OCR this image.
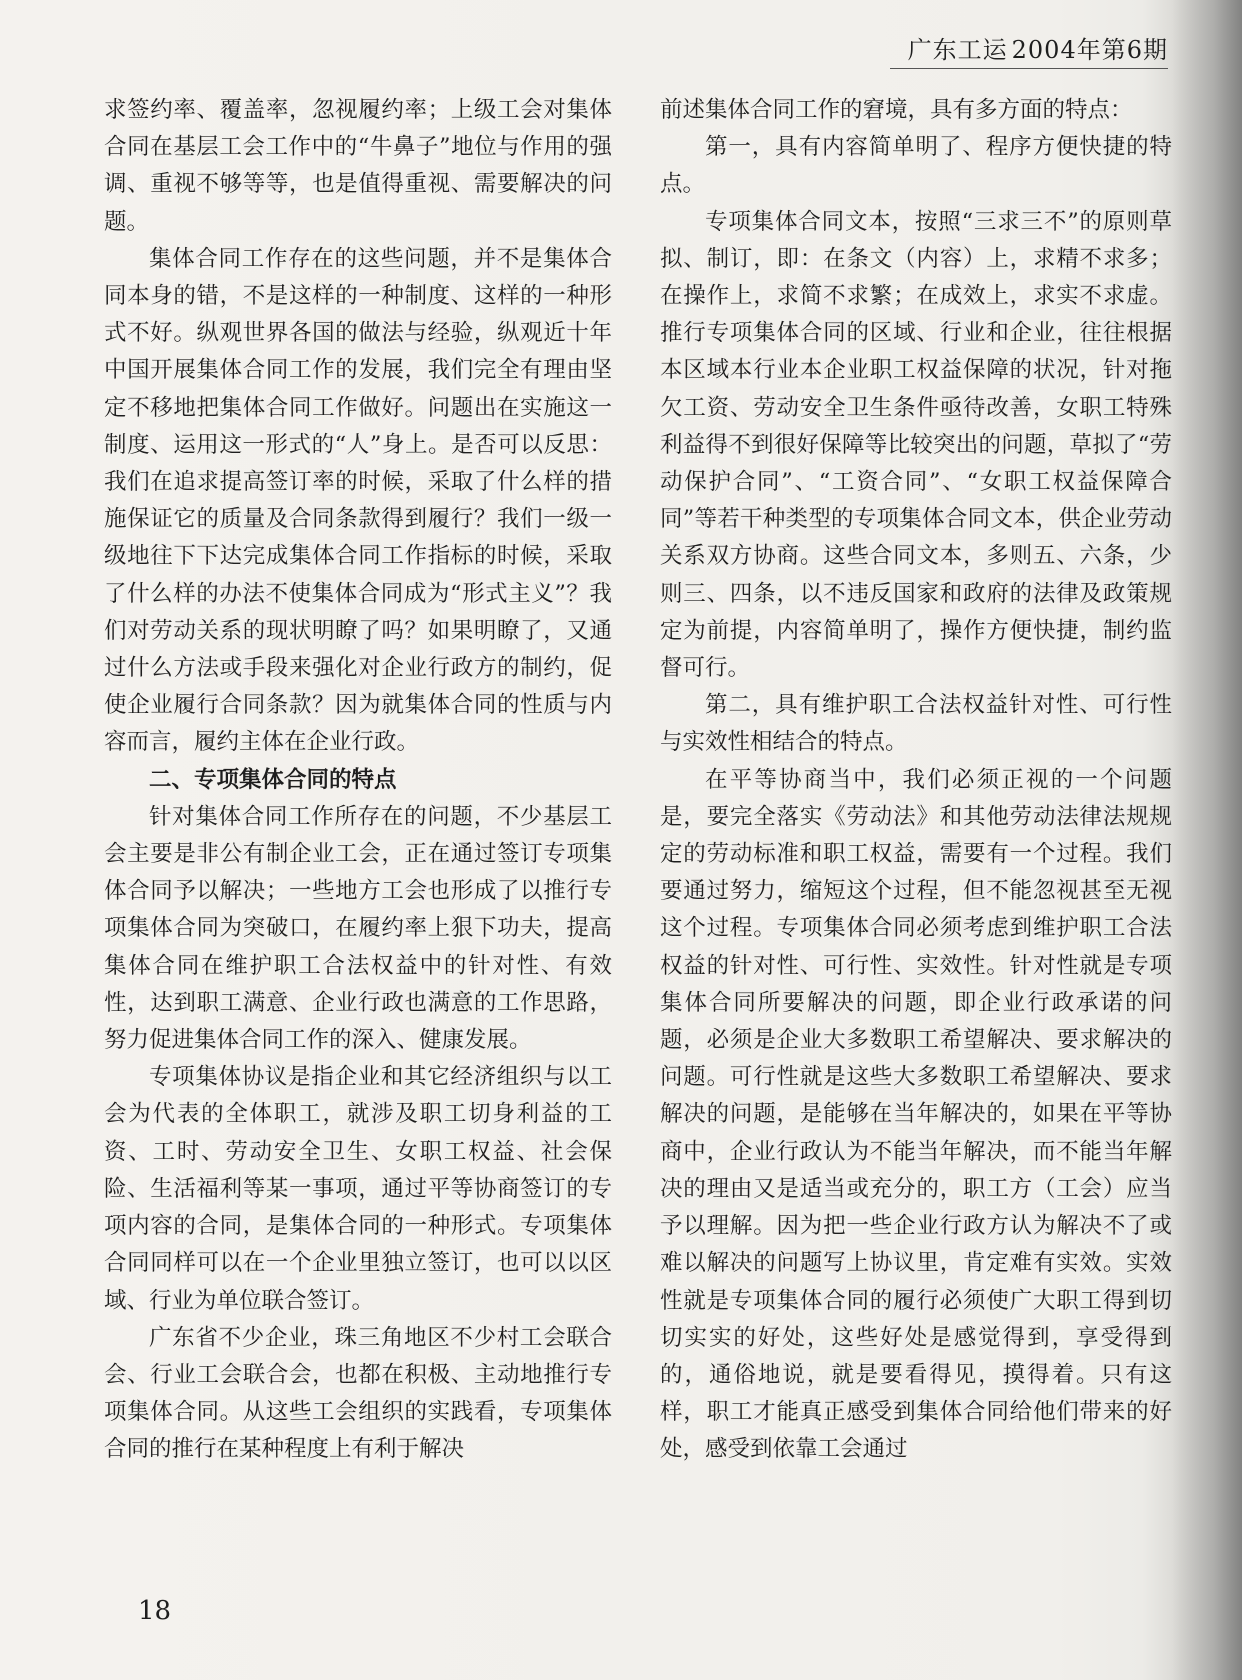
广东工运 2004年第6期

求签约率、覆盖率，忽视履约率；上级工会对集体合同在基层工会工作中的“牛鼻子”地位与作用的强调、重视不够等等，也是值得重视、需要解决的问题。

集体合同工作存在的这些问题，并不是集体合同本身的错，不是这样的一种制度、这样的一种形式不好。纵观世界各国的做法与经验，纵观近十年中国开展集体合同工作的发展，我们完全有理由坚定不移地把集体合同工作做好。问题出在实施这一制度、运用这一形式的“人”身上。是否可以反思：我们在追求提高签订率的时候，采取了什么样的措施保证它的质量及合同条款得到履行？我们一级一级地往下下达完成集体合同工作指标的时候，采取了什么样的办法不使集体合同成为“形式主义”？我们对劳动关系的现状明瞭了吗？如果明瞭了，又通过什么方法或手段来强化对企业行政方的制约，促使企业履行合同条款？因为就集体合同的性质与内容而言，履约主体在企业行政。

二、专项集体合同的特点

针对集体合同工作所存在的问题，不少基层工会主要是非公有制企业工会，正在通过签订专项集体合同予以解决；一些地方工会也形成了以推行专项集体合同为突破口，在履约率上狠下功夫，提高集体合同在维护职工合法权益中的针对性、有效性，达到职工满意、企业行政也满意的工作思路，努力促进集体合同工作的深入、健康发展。

专项集体协议是指企业和其它经济组织与以工会为代表的全体职工，就涉及职工切身利益的工资、工时、劳动安全卫生、女职工权益、社会保险、生活福利等某一事项，通过平等协商签订的专项内容的合同，是集体合同的一种形式。专项集体合同同样可以在一个企业里独立签订，也可以以区域、行业为单位联合签订。

广东省不少企业，珠三角地区不少村工会联合会、行业工会联合会，也都在积极、主动地推行专项集体合同。从这些工会组织的实践看，专项集体合同的推行在某种程度上有利于解决

前述集体合同工作的窘境，具有多方面的特点：

第一，具有内容简单明了、程序方便快捷的特点。

专项集体合同文本，按照“三求三不”的原则草拟、制订，即：在条文（内容）上，求精不求多；在操作上，求简不求繁；在成效上，求实不求虚。推行专项集体合同的区域、行业和企业，往往根据本区域本行业本企业职工权益保障的状况，针对拖欠工资、劳动安全卫生条件亟待改善，女职工特殊利益得不到很好保障等比较突出的问题，草拟了“劳动保护合同”、“工资合同”、“女职工权益保障合同”等若干种类型的专项集体合同文本，供企业劳动关系双方协商。这些合同文本，多则五、六条，少则三、四条，以不违反国家和政府的法律及政策规定为前提，内容简单明了，操作方便快捷，制约监督可行。

第二，具有维护职工合法权益针对性、可行性与实效性相结合的特点。

在平等协商当中，我们必须正视的一个问题是，要完全落实《劳动法》和其他劳动法律法规规定的劳动标准和职工权益，需要有一个过程。我们要通过努力，缩短这个过程，但不能忽视甚至无视这个过程。专项集体合同必须考虑到维护职工合法权益的针对性、可行性、实效性。针对性就是专项集体合同所要解决的问题，即企业行政承诺的问题，必须是企业大多数职工希望解决、要求解决的问题。可行性就是这些大多数职工希望解决、要求解决的问题，是能够在当年解决的，如果在平等协商中，企业行政认为不能当年解决，而不能当年解决的理由又是适当或充分的，职工方（工会）应当予以理解。因为把一些企业行政方认为解决不了或难以解决的问题写上协议里，肯定难有实效。实效性就是专项集体合同的履行必须使广大职工得到切切实实的好处，这些好处是感觉得到，享受得到的，通俗地说，就是要看得见，摸得着。只有这样，职工才能真正感受到集体合同给他们带来的好处，感受到依靠工会通过

18
